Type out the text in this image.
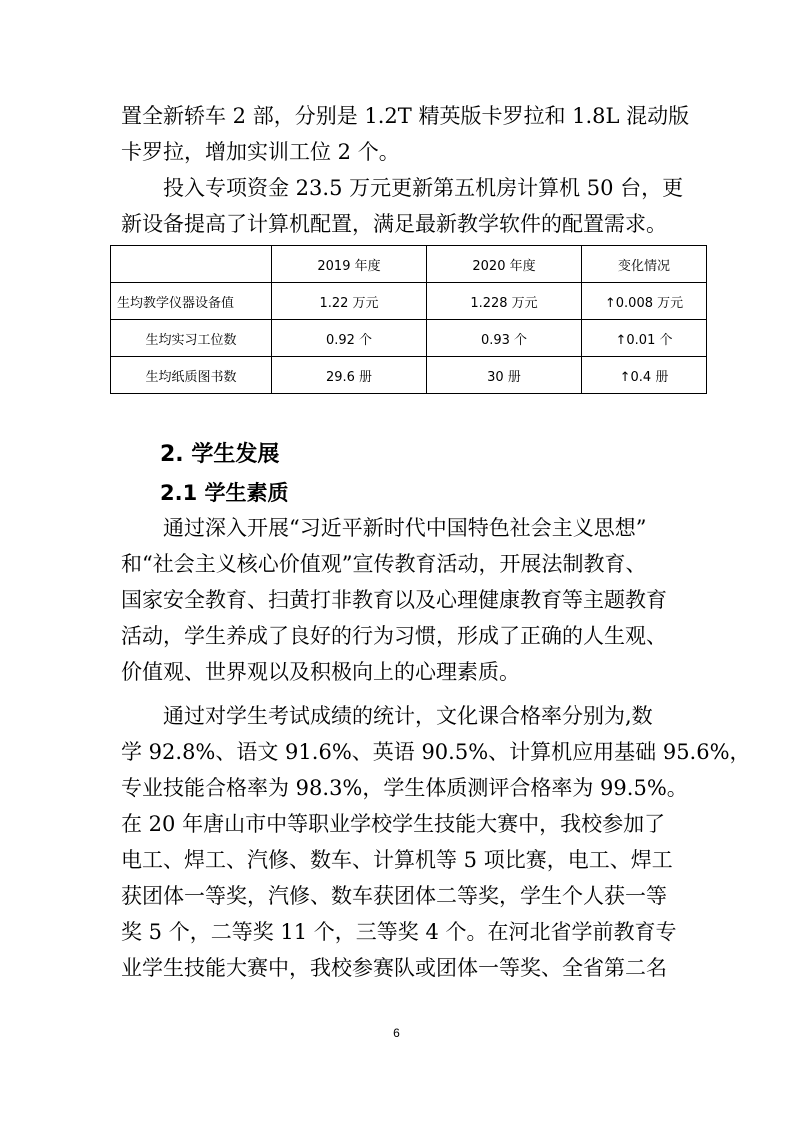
置全新轿车 2 部，分别是 1.2T 精英版卡罗拉和 1.8L 混动版
卡罗拉，增加实训工位 2 个。
投入专项资金 23.5 万元更新第五机房计算机 50 台，更
新设备提高了计算机配置，满足最新教学软件的配置需求。
	2019 年度	2020 年度	变化情况
生均教学仪器设备值	1.22 万元	1.228 万元	↑0.008 万元
生均实习工位数	0.92 个	0.93 个	↑0.01 个
生均纸质图书数	29.6 册	30 册	↑0.4 册
2. 学生发展
2.1 学生素质
通过深入开展“习近平新时代中国特色社会主义思想”
和“社会主义核心价值观”宣传教育活动，开展法制教育、
国家安全教育、扫黄打非教育以及心理健康教育等主题教育
活动，学生养成了良好的行为习惯，形成了正确的人生观、
价值观、世界观以及积极向上的心理素质。
通过对学生考试成绩的统计，文化课合格率分别为,数
学 92.8%、语文 91.6%、英语 90.5%、计算机应用基础 95.6%，
专业技能合格率为 98.3%，学生体质测评合格率为 99.5%。
在 20 年唐山市中等职业学校学生技能大赛中，我校参加了
电工、焊工、汽修、数车、计算机等 5 项比赛，电工、焊工
获团体一等奖，汽修、数车获团体二等奖，学生个人获一等
奖 5 个，二等奖 11 个，三等奖 4 个。在河北省学前教育专
业学生技能大赛中，我校参赛队或团体一等奖、全省第二名
6
